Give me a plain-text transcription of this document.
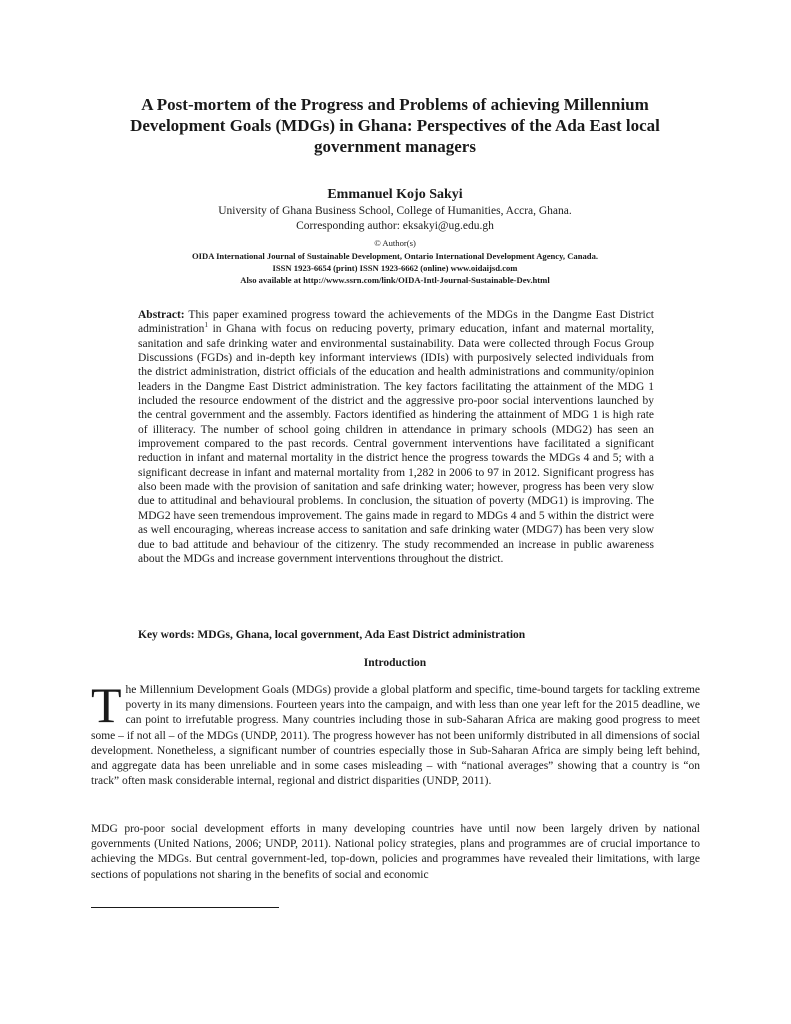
A Post-mortem of the Progress and Problems of achieving Millennium Development Goals (MDGs) in Ghana: Perspectives of the Ada East local government managers
Emmanuel Kojo Sakyi
University of Ghana Business School, College of Humanities, Accra, Ghana.
Corresponding author: eksakyi@ug.edu.gh
© Author(s)
OIDA International Journal of Sustainable Development, Ontario International Development Agency, Canada.
ISSN 1923-6654 (print) ISSN 1923-6662 (online) www.oidaijsd.com
Also available at http://www.ssrn.com/link/OIDA-Intl-Journal-Sustainable-Dev.html
Abstract: This paper examined progress toward the achievements of the MDGs in the Dangme East District administration$^1$ in Ghana with focus on reducing poverty, primary education, infant and maternal mortality, sanitation and safe drinking water and environmental sustainability. Data were collected through Focus Group Discussions (FGDs) and in-depth key informant interviews (IDIs) with purposively selected individuals from the district administration, district officials of the education and health administrations and community/opinion leaders in the Dangme East District administration. The key factors facilitating the attainment of the MDG 1 included the resource endowment of the district and the aggressive pro-poor social interventions launched by the central government and the assembly. Factors identified as hindering the attainment of MDG 1 is high rate of illiteracy. The number of school going children in attendance in primary schools (MDG2) has seen an improvement compared to the past records. Central government interventions have facilitated a significant reduction in infant and maternal mortality in the district hence the progress towards the MDGs 4 and 5; with a significant decrease in infant and maternal mortality from 1,282 in 2006 to 97 in 2012. Significant progress has also been made with the provision of sanitation and safe drinking water; however, progress has been very slow due to attitudinal and behavioural problems. In conclusion, the situation of poverty (MDG1) is improving. The MDG2 have seen tremendous improvement. The gains made in regard to MDGs 4 and 5 within the district were as well encouraging, whereas increase access to sanitation and safe drinking water (MDG7) has been very slow due to bad attitude and behaviour of the citizenry. The study recommended an increase in public awareness about the MDGs and increase government interventions throughout the district.
Key words: MDGs, Ghana, local government, Ada East District administration
Introduction
The Millennium Development Goals (MDGs) provide a global platform and specific, time-bound targets for tackling extreme poverty in its many dimensions. Fourteen years into the campaign, and with less than one year left for the 2015 deadline, we can point to irrefutable progress. Many countries including those in sub-Saharan Africa are making good progress to meet some – if not all – of the MDGs (UNDP, 2011). The progress however has not been uniformly distributed in all dimensions of social development. Nonetheless, a significant number of countries especially those in Sub-Saharan Africa are simply being left behind, and aggregate data has been unreliable and in some cases misleading – with “national averages” showing that a country is “on track” often mask considerable internal, regional and district disparities (UNDP, 2011).
MDG pro-poor social development efforts in many developing countries have until now been largely driven by national governments (United Nations, 2006; UNDP, 2011). National policy strategies, plans and programmes are of crucial importance to achieving the MDGs. But central government-led, top-down, policies and programmes have revealed their limitations, with large sections of populations not sharing in the benefits of social and economic
